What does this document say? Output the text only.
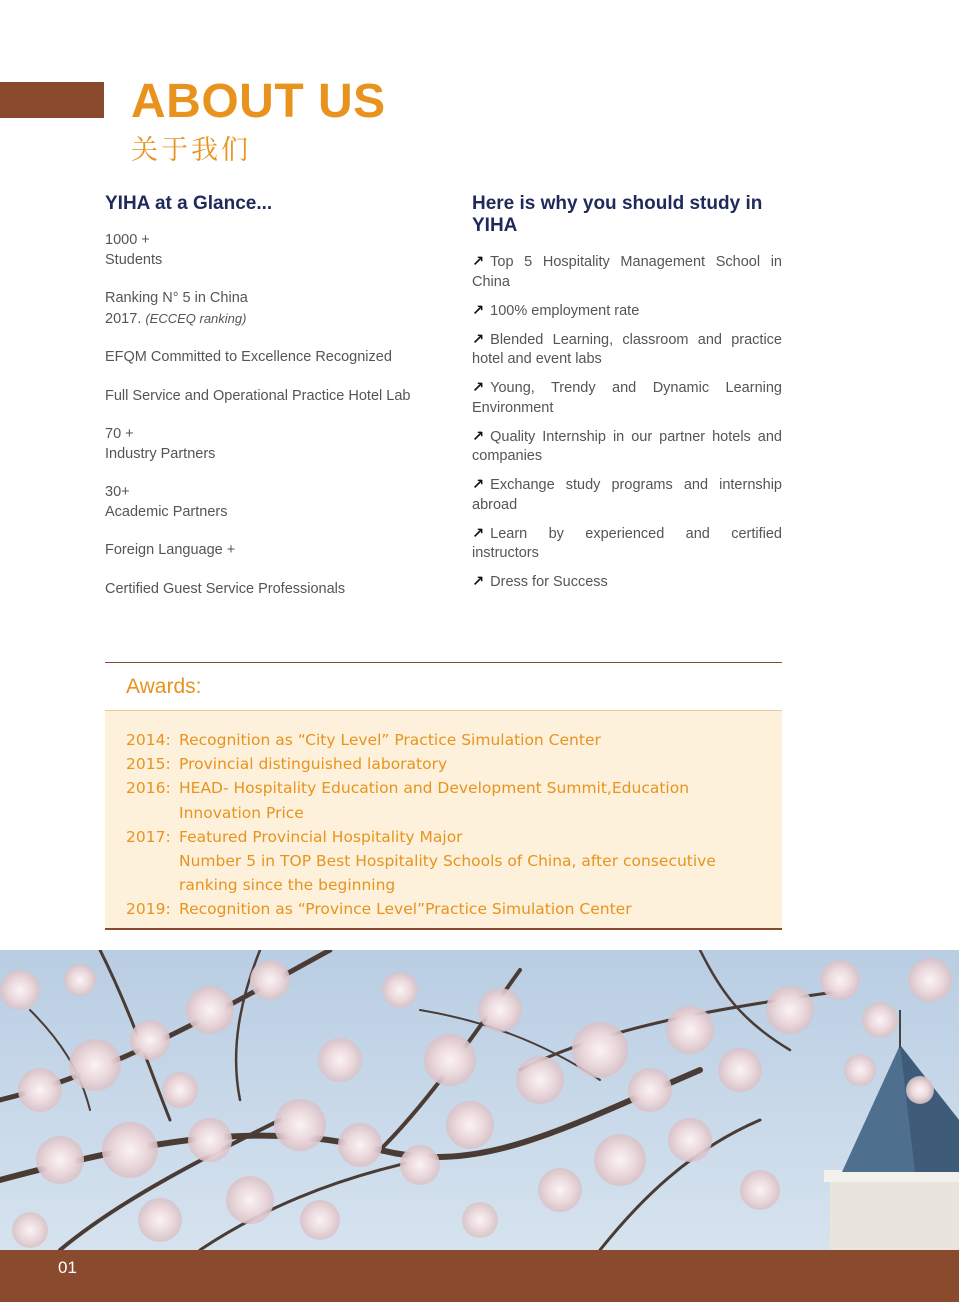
ABOUT US
关于我们
YIHA at a Glance...
1000 +
Students
Ranking N° 5 in China
2017. (ECCEQ ranking)
EFQM Committed to Excellence Recognized
Full Service and Operational Practice Hotel Lab
70 +
Industry Partners
30+
Academic Partners
Foreign Language +
Certified Guest Service Professionals
Here is why you should study in YIHA
↗ Top 5 Hospitality Management School in China
↗ 100% employment rate
↗ Blended Learning, classroom and practice hotel and event labs
↗ Young, Trendy and Dynamic Learning Environment
↗ Quality Internship in our partner hotels and companies
↗ Exchange study programs and internship abroad
↗ Learn by experienced and certified instructors
↗ Dress for Success
Awards:
2014: Recognition as “City Level” Practice Simulation Center
2015: Provincial distinguished laboratory
2016: HEAD- Hospitality Education and Development Summit,Education Innovation Price
2017: Featured Provincial Hospitality Major
Number 5 in TOP Best Hospitality Schools of China, after consecutive ranking since the beginning
2019: Recognition as “Province Level”Practice Simulation Center
01
